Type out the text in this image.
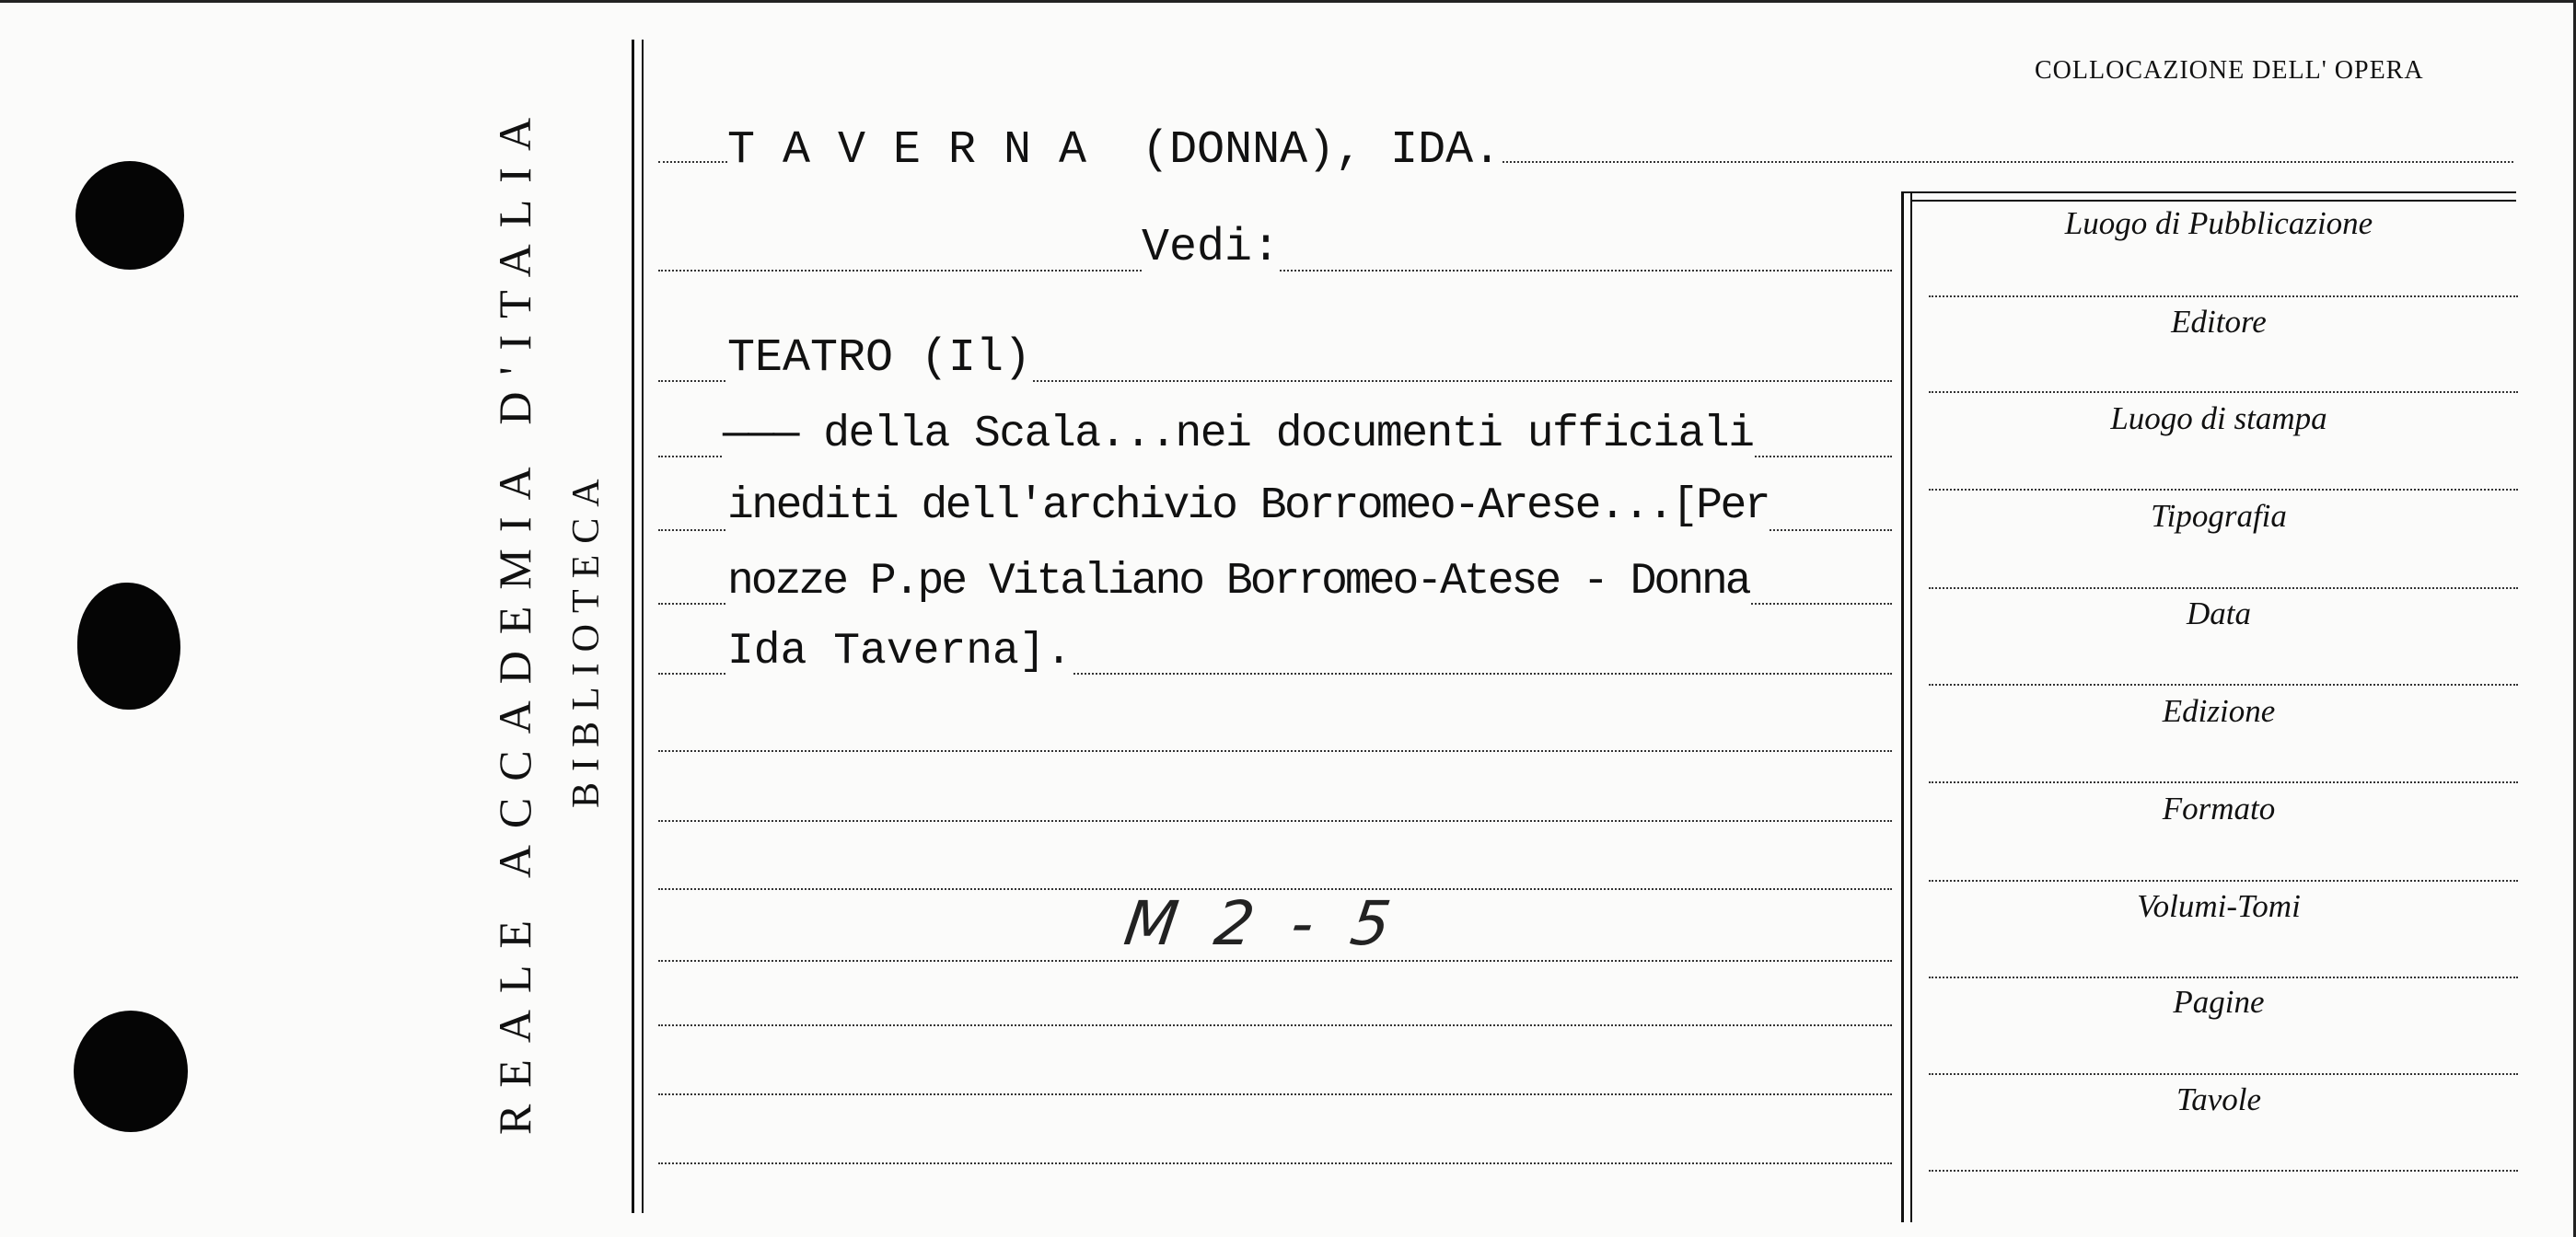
REALE ACCADEMIA D'ITALIA BIBLIOTECA
COLLOCAZIONE DELL' OPERA
T A V E R N A  (DONNA), IDA.
Vedi:
TEATRO (Il)
——— della Scala...nei documenti ufficiali
inediti dell'archivio Borromeo-Arese...[Per
nozze P.pe Vitaliano Borromeo-Atese - Donna
Ida Taverna].
M 2 - 5
Luogo di Pubblicazione
Editore
Luogo di stampa
Tipografia
Data
Edizione
Formato
Volumi-Tomi
Pagine
Tavole
